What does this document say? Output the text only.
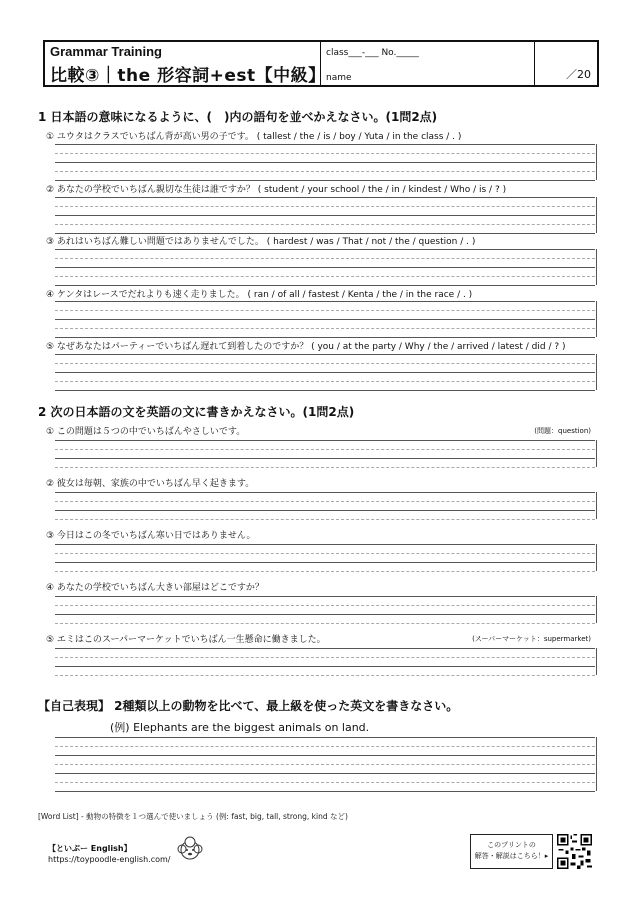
Grammar Training
比較③｜the 形容詞+est【中級】
class___-___ No._____
name	／20
1 日本語の意味になるように、(　)内の語句を並べかえなさい。(1問2点)
① ユウタはクラスでいちばん背が高い男の子です。 ( tallest / the / is / boy / Yuta / in the class / . )
② あなたの学校でいちばん親切な生徒は誰ですか？ ( student / your school / the / in / kindest / Who / is / ? )
③ あれはいちばん難しい問題ではありませんでした。 ( hardest / was / That / not / the / question / . )
④ ケンタはレースでだれよりも速く走りました。 ( ran / of all / fastest / Kenta / the / in the race / . )
⑤ なぜあなたはパーティーでいちばん遅れて到着したのですか？ ( you / at the party / Why / the / arrived / latest / did / ? )
2 次の日本語の文を英語の文に書きかえなさい。(1問2点)
① この問題は５つの中でいちばんやさしいです。	(問題：question)
② 彼女は毎朝、家族の中でいちばん早く起きます。
③ 今日はこの冬でいちばん寒い日ではありません。
④ あなたの学校でいちばん大きい部屋はどこですか？
⑤ エミはこのスーパーマーケットでいちばん一生懸命に働きました。	(スーパーマーケット：supermarket)
【自己表現】 2種類以上の動物を比べて、最上級を使った英文を書きなさい。
(例) Elephants are the biggest animals on land.
[Word List] - 動物の特徴を１つ選んで使いましょう (例: fast, big, tall, strong, kind など)
【といぷー English】
https://toypoodle-english.com/
このプリントの
解答・解説はこちら！▸
